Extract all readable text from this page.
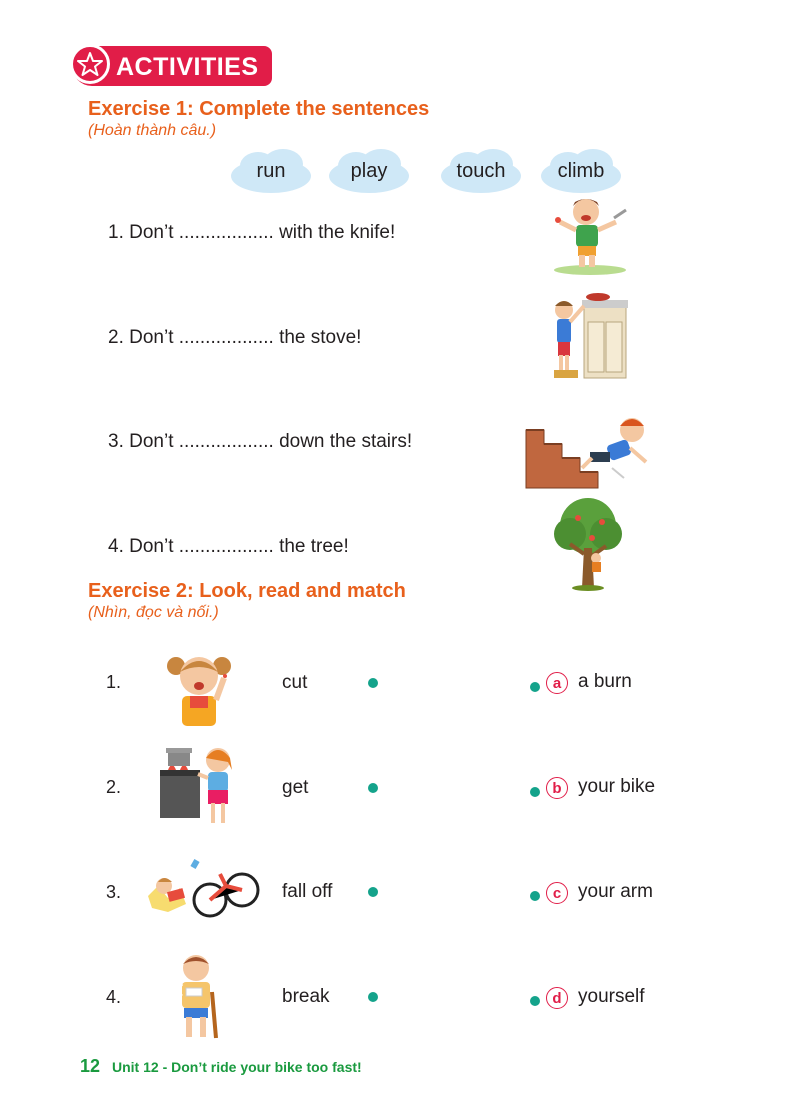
ACTIVITIES
Exercise 1: Complete the sentences
(Hoàn thành câu.)
run	play	touch	climb
1. Don’t .................. with the knife!
2. Don’t .................. the stove!
3. Don’t .................. down the stairs!
4. Don’t .................. the tree!
Exercise 2: Look, read and match
(Nhìn, đọc và nối.)
1.	cut	a a burn
2.	get	b your bike
3.	fall off	c your arm
4.	break	d yourself
12 Unit 12 - Don’t ride your bike too fast!
